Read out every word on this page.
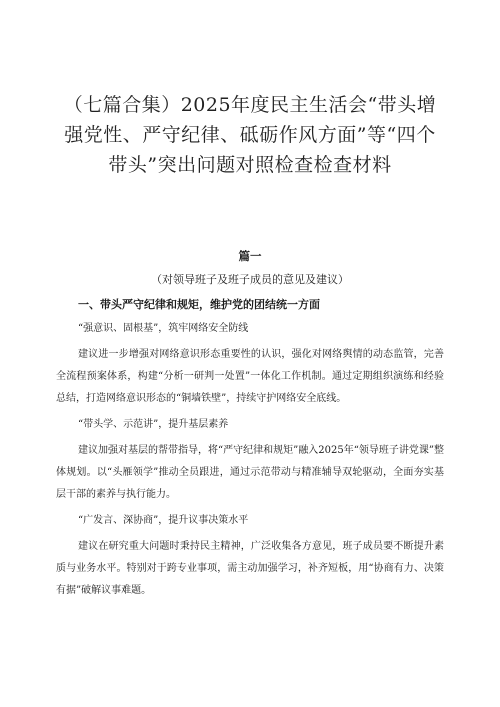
（七篇合集）2025年度民主生活会“带头增强党性、严守纪律、砥砺作风方面”等“四个带头”突出问题对照检查检查材料
篇一
（对领导班子及班子成员的意见及建议）
一、带头严守纪律和规矩，维护党的团结统一方面
“强意识、固根基”，筑牢网络安全防线

建议进一步增强对网络意识形态重要性的认识，强化对网络舆情的动态监管，完善全流程预案体系，构建“分析一研判一处置”一体化工作机制。通过定期组织演练和经验总结，打造网络意识形态的“铜墙铁壁”，持续守护网络安全底线。

“带头学、示范讲”，提升基层素养

建议加强对基层的帮带指导，将“严守纪律和规矩”融入2025年“领导班子讲党课”整体规划。以“头雁领学”推动全员跟进，通过示范带动与精准辅导双轮驱动，全面夯实基层干部的素养与执行能力。

“广发言、深协商”，提升议事决策水平

建议在研究重大问题时秉持民主精神，广泛收集各方意见，班子成员要不断提升素质与业务水平。特别对于跨专业事项，需主动加强学习，补齐短板，用“协商有力、决策有据”破解议事难题。
